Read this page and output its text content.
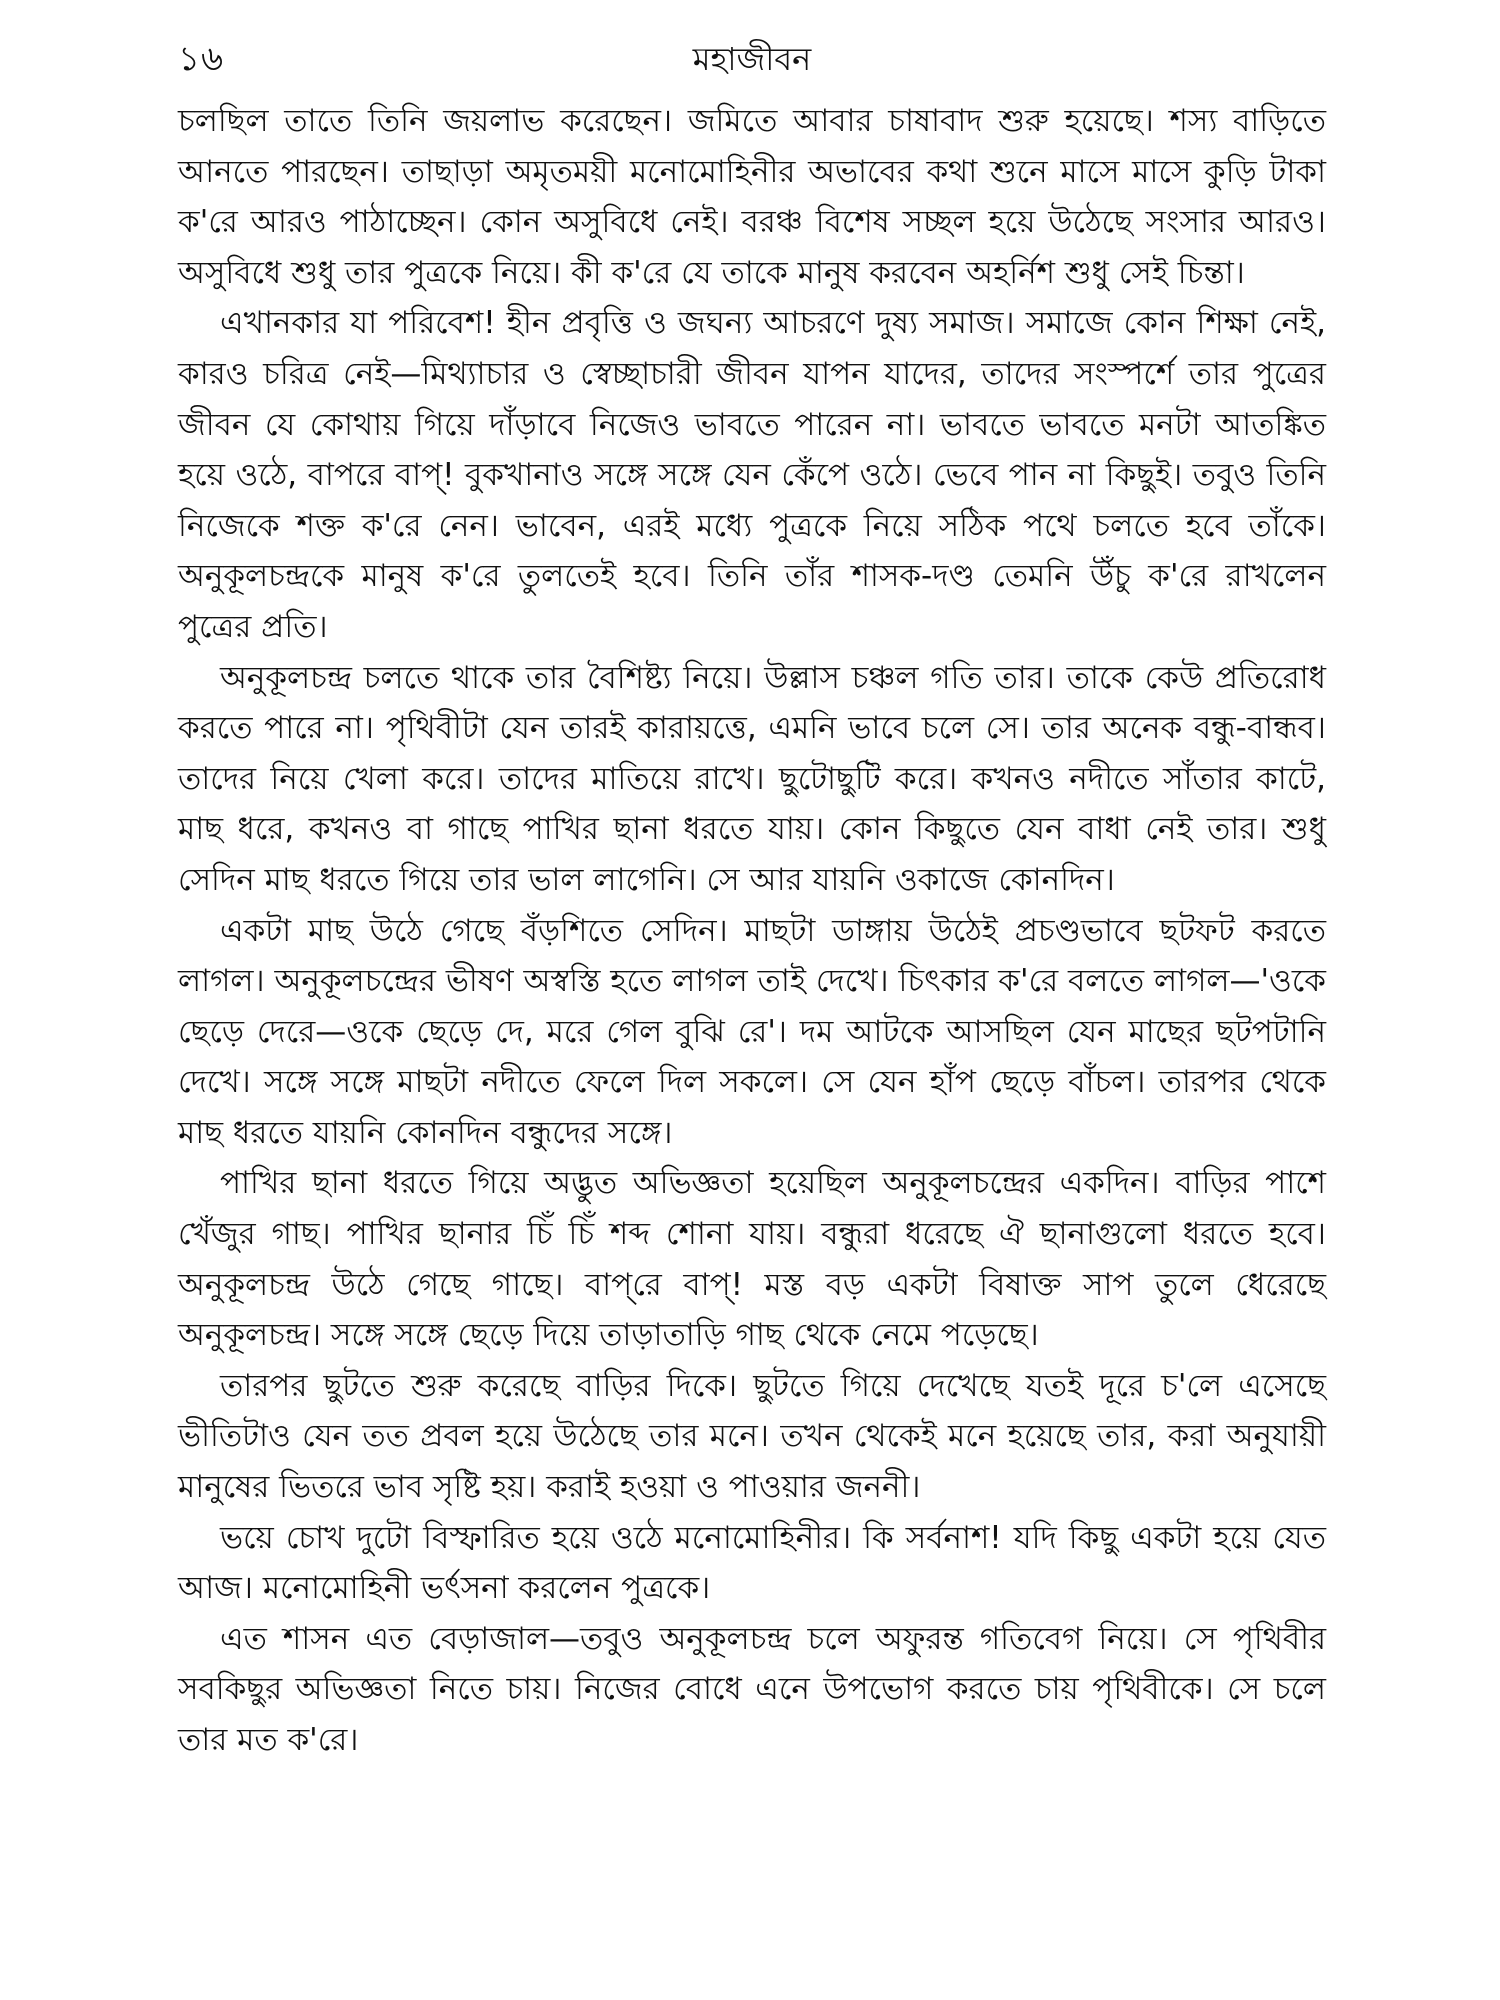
১৬	মহাজীবন

চলছিল তাতে তিনি জয়লাভ করেছেন। জমিতে আবার চাষাবাদ শুরু হয়েছে। শস্য বাড়িতে আনতে পারছেন। তাছাড়া অমৃতময়ী মনোমোহিনীর অভাবের কথা শুনে মাসে মাসে কুড়ি টাকা ক'রে আরও পাঠাচ্ছেন। কোন অসুবিধে নেই। বরঞ্চ বিশেষ সচ্ছল হয়ে উঠেছে সংসার আরও। অসুবিধে শুধু তার পুত্রকে নিয়ে। কী ক'রে যে তাকে মানুষ করবেন অহর্নিশ শুধু সেই চিন্তা।

এখানকার যা পরিবেশ! হীন প্রবৃত্তি ও জঘন্য আচরণে দুষ্য সমাজ। সমাজে কোন শিক্ষা নেই, কারও চরিত্র নেই—মিথ্যাচার ও স্বেচ্ছাচারী জীবন যাপন যাদের, তাদের সংস্পর্শে তার পুত্রের জীবন যে কোথায় গিয়ে দাঁড়াবে নিজেও ভাবতে পারেন না। ভাবতে ভাবতে মনটা আতঙ্কিত হয়ে ওঠে, বাপরে বাপ্! বুকখানাও সঙ্গে সঙ্গে যেন কেঁপে ওঠে। ভেবে পান না কিছুই। তবুও তিনি নিজেকে শক্ত ক'রে নেন। ভাবেন, এরই মধ্যে পুত্রকে নিয়ে সঠিক পথে চলতে হবে তাঁকে। অনুকূলচন্দ্রকে মানুষ ক'রে তুলতেই হবে। তিনি তাঁর শাসক-দণ্ড তেমনি উঁচু ক'রে রাখলেন পুত্রের প্রতি।

অনুকূলচন্দ্র চলতে থাকে তার বৈশিষ্ট্য নিয়ে। উল্লাস চঞ্চল গতি তার। তাকে কেউ প্রতিরোধ করতে পারে না। পৃথিবীটা যেন তারই কারায়ত্তে, এমনি ভাবে চলে সে। তার অনেক বন্ধু-বান্ধব। তাদের নিয়ে খেলা করে। তাদের মাতিয়ে রাখে। ছুটোছুটি করে। কখনও নদীতে সাঁতার কাটে, মাছ ধরে, কখনও বা গাছে পাখির ছানা ধরতে যায়। কোন কিছুতে যেন বাধা নেই তার। শুধু সেদিন মাছ ধরতে গিয়ে তার ভাল লাগেনি। সে আর যায়নি ওকাজে কোনদিন।

একটা মাছ উঠে গেছে বঁড়শিতে সেদিন। মাছটা ডাঙ্গায় উঠেই প্রচণ্ডভাবে ছটফট করতে লাগল। অনুকূলচন্দ্রের ভীষণ অস্বস্তি হতে লাগল তাই দেখে। চিৎকার ক'রে বলতে লাগল—'ওকে ছেড়ে দেরে—ওকে ছেড়ে দে, মরে গেল বুঝি রে'। দম আটকে আসছিল যেন মাছের ছটপটানি দেখে। সঙ্গে সঙ্গে মাছটা নদীতে ফেলে দিল সকলে। সে যেন হাঁপ ছেড়ে বাঁচল। তারপর থেকে মাছ ধরতে যায়নি কোনদিন বন্ধুদের সঙ্গে।

পাখির ছানা ধরতে গিয়ে অদ্ভুত অভিজ্ঞতা হয়েছিল অনুকূলচন্দ্রের একদিন। বাড়ির পাশে খেঁজুর গাছ। পাখির ছানার চিঁ চিঁ শব্দ শোনা যায়। বন্ধুরা ধরেছে ঐ ছানাগুলো ধরতে হবে। অনুকূলচন্দ্র উঠে গেছে গাছে। বাপ্‌রে বাপ্! মস্ত বড় একটা বিষাক্ত সাপ তুলে ধেরেছে অনুকূলচন্দ্র। সঙ্গে সঙ্গে ছেড়ে দিয়ে তাড়াতাড়ি গাছ থেকে নেমে পড়েছে।

তারপর ছুটতে শুরু করেছে বাড়ির দিকে। ছুটতে গিয়ে দেখেছে যতই দূরে চ'লে এসেছে ভীতিটাও যেন তত প্রবল হয়ে উঠেছে তার মনে। তখন থেকেই মনে হয়েছে তার, করা অনুযায়ী মানুষের ভিতরে ভাব সৃষ্টি হয়। করাই হওয়া ও পাওয়ার জননী।

ভয়ে চোখ দুটো বিস্ফারিত হয়ে ওঠে মনোমোহিনীর। কি সর্বনাশ! যদি কিছু একটা হয়ে যেত আজ। মনোমোহিনী ভর্ৎসনা করলেন পুত্রকে।

এত শাসন এত বেড়াজাল—তবুও অনুকূলচন্দ্র চলে অফুরন্ত গতিবেগ নিয়ে। সে পৃথিবীর সবকিছুর অভিজ্ঞতা নিতে চায়। নিজের বোধে এনে উপভোগ করতে চায় পৃথিবীকে। সে চলে তার মত ক'রে।
